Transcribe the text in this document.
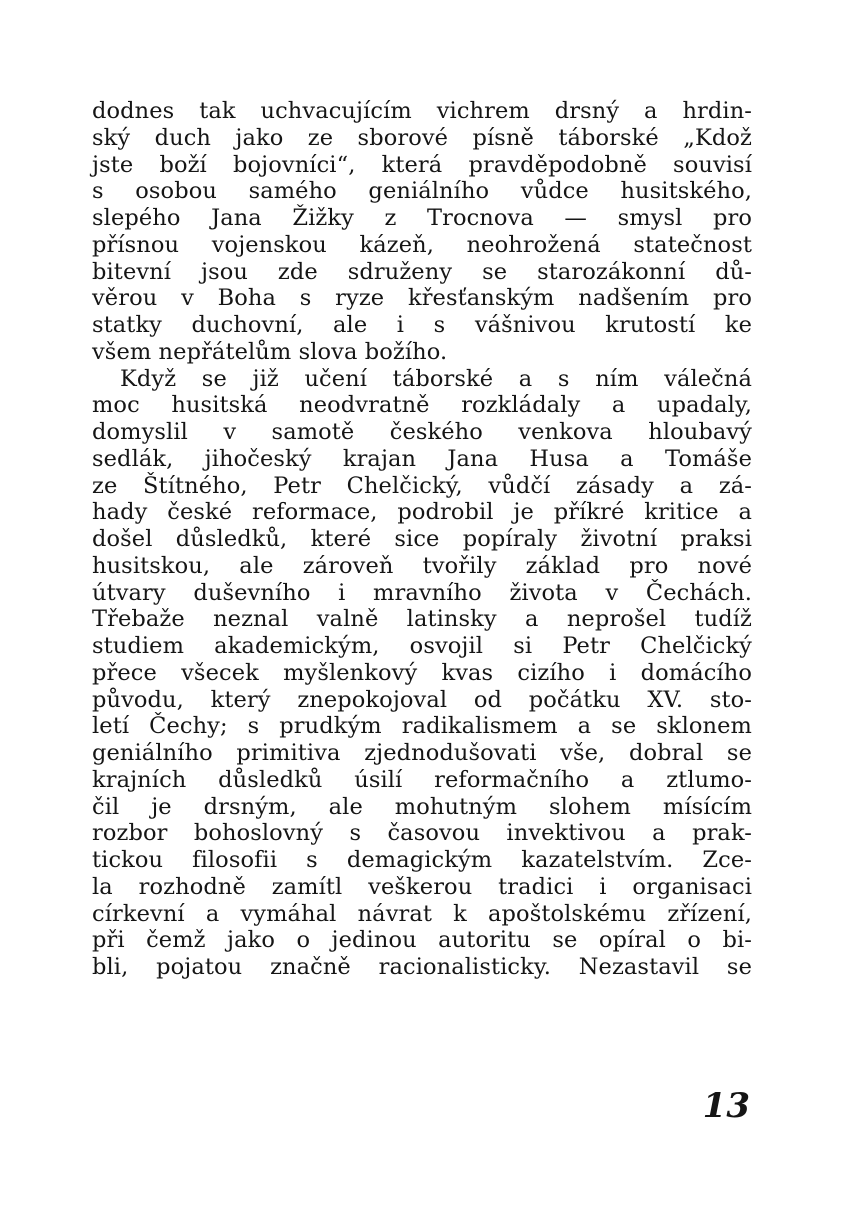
dodnes tak uchvacujícím vichrem drsný a hrdin-
ský duch jako ze sborové písně táborské „Kdož
jste boží bojovníci“, která pravděpodobně souvisí
s osobou samého geniálního vůdce husitského,
slepého Jana Žižky z Trocnova — smysl pro
přísnou vojenskou kázeň, neohrožená statečnost
bitevní jsou zde sdruženy se starozákonní dů-
věrou v Boha s ryze křesťanským nadšením pro
statky duchovní, ale i s vášnivou krutostí ke
všem nepřátelům slova božího.
Když se již učení táborské a s ním válečná
moc husitská neodvratně rozkládaly a upadaly,
domyslil v samotě českého venkova hloubavý
sedlák, jihočeský krajan Jana Husa a Tomáše
ze Štítného, Petr Chelčický, vůdčí zásady a zá-
hady české reformace, podrobil je příkré kritice a
došel důsledků, které sice popíraly životní praksi
husitskou, ale zároveň tvořily základ pro nové
útvary duševního i mravního života v Čechách.
Třebaže neznal valně latinsky a neprošel tudíž
studiem akademickým, osvojil si Petr Chelčický
přece všecek myšlenkový kvas cizího i domácího
původu, který znepokojoval od počátku XV. sto-
letí Čechy; s prudkým radikalismem a se sklonem
geniálního primitiva zjednodušovati vše, dobral se
krajních důsledků úsilí reformačního a ztlumo-
čil je drsným, ale mohutným slohem mísícím
rozbor bohoslovný s časovou invektivou a prak-
tickou filosofii s demagickým kazatelstvím. Zce-
la rozhodně zamítl veškerou tradici i organisaci
církevní a vymáhal návrat k apoštolskému zřízení,
při čemž jako o jedinou autoritu se opíral o bi-
bli, pojatou značně racionalisticky. Nezastavil se
13
